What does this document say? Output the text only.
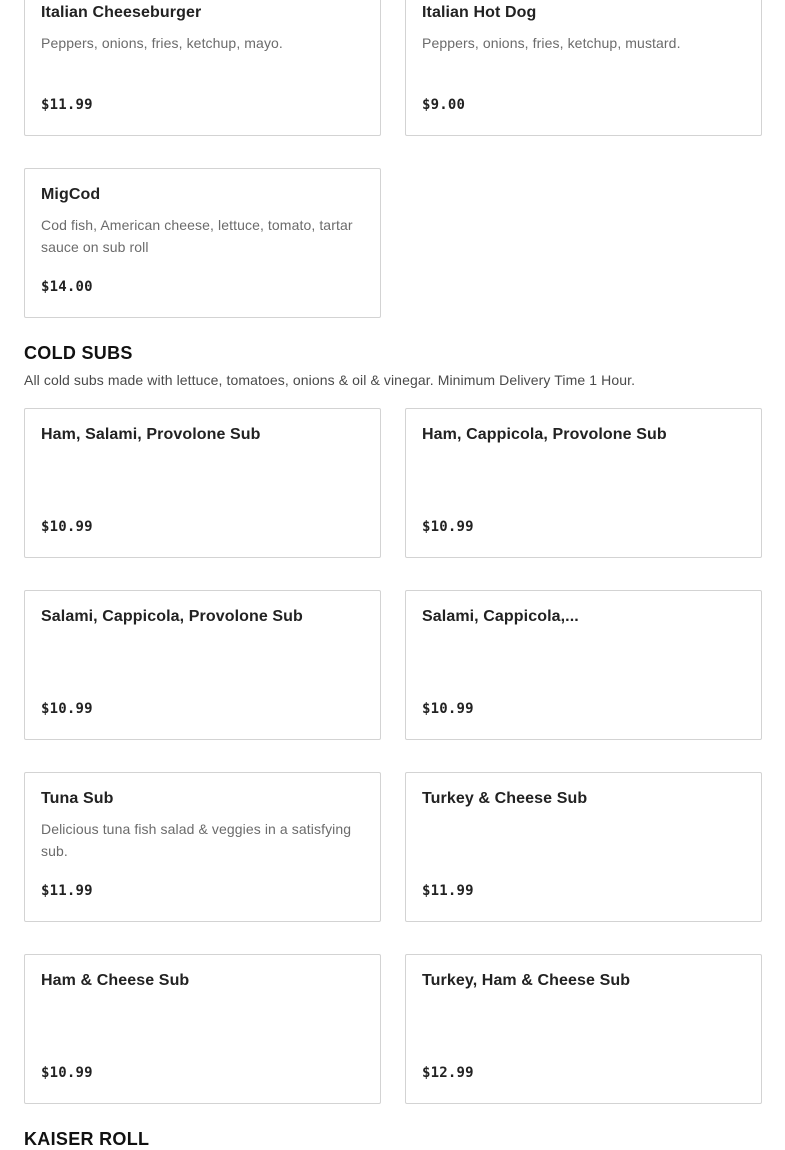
Italian Cheeseburger
Peppers, onions, fries, ketchup, mayo.
$11.99
Italian Hot Dog
Peppers, onions, fries, ketchup, mustard.
$9.00
MigCod
Cod fish, American cheese, lettuce, tomato, tartar sauce on sub roll
$14.00
COLD SUBS
All cold subs made with lettuce, tomatoes, onions & oil & vinegar. Minimum Delivery Time 1 Hour.
Ham, Salami, Provolone Sub
$10.99
Ham, Cappicola, Provolone Sub
$10.99
Salami, Cappicola, Provolone Sub
$10.99
Salami, Cappicola,...
$10.99
Tuna Sub
Delicious tuna fish salad & veggies in a satisfying sub.
$11.99
Turkey & Cheese Sub
$11.99
Ham & Cheese Sub
$10.99
Turkey, Ham & Cheese Sub
$12.99
KAISER ROLL
